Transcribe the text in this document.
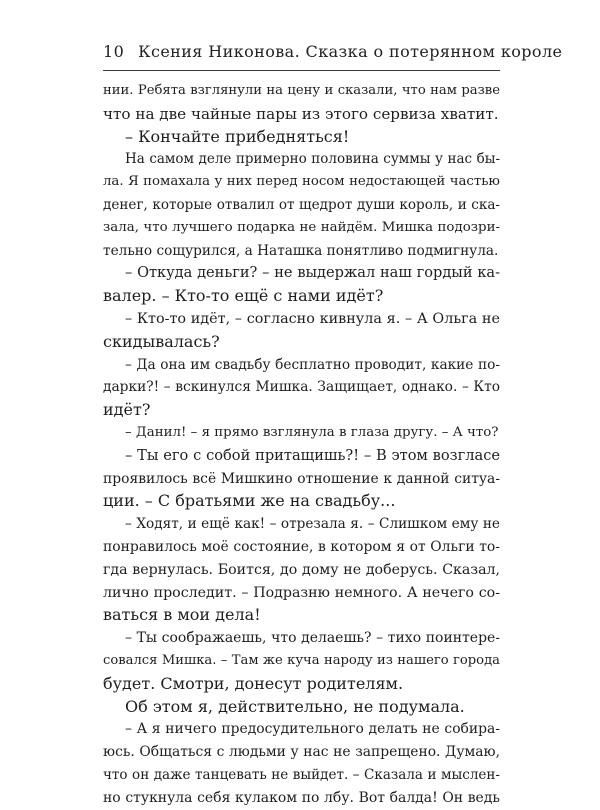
10 Ксения Никонова. Сказка о потерянном короле
нии. Ребята взглянули на цену и сказали, что нам разве
что на две чайные пары из этого сервиза хватит.
– Кончайте прибедняться!
На самом деле примерно половина суммы у нас бы-
ла. Я помахала у них перед носом недостающей частью
денег, которые отвалил от щедрот души король, и ска-
зала, что лучшего подарка не найдём. Мишка подозри-
тельно сощурился, а Наташка понятливо подмигнула.
– Откуда деньги? – не выдержал наш гордый ка-
валер. – Кто-то ещё с нами идёт?
– Кто-то идёт, – согласно кивнула я. – А Ольга не
скидывалась?
– Да она им свадьбу бесплатно проводит, какие по-
дарки?! – вскинулся Мишка. Защищает, однако. – Кто
идёт?
– Данил! – я прямо взглянула в глаза другу. – А что?
– Ты его с собой притащишь?! – В этом возгласе
проявилось всё Мишкино отношение к данной ситуа-
ции. – С братьями же на свадьбу...
– Ходят, и ещё как! – отрезала я. – Слишком ему не
понравилось моё состояние, в котором я от Ольги то-
гда вернулась. Боится, до дому не доберусь. Сказал,
лично проследит. – Подразню немного. А нечего со-
ваться в мои дела!
– Ты соображаешь, что делаешь? – тихо поинтере-
совался Мишка. – Там же куча народу из нашего города
будет. Смотри, донесут родителям.
Об этом я, действительно, не подумала.
– А я ничего предосудительного делать не собира-
юсь. Общаться с людьми у нас не запрещено. Думаю,
что он даже танцевать не выйдет. – Сказала и мыслен-
но стукнула себя кулаком по лбу. Вот балда! Он ведь
